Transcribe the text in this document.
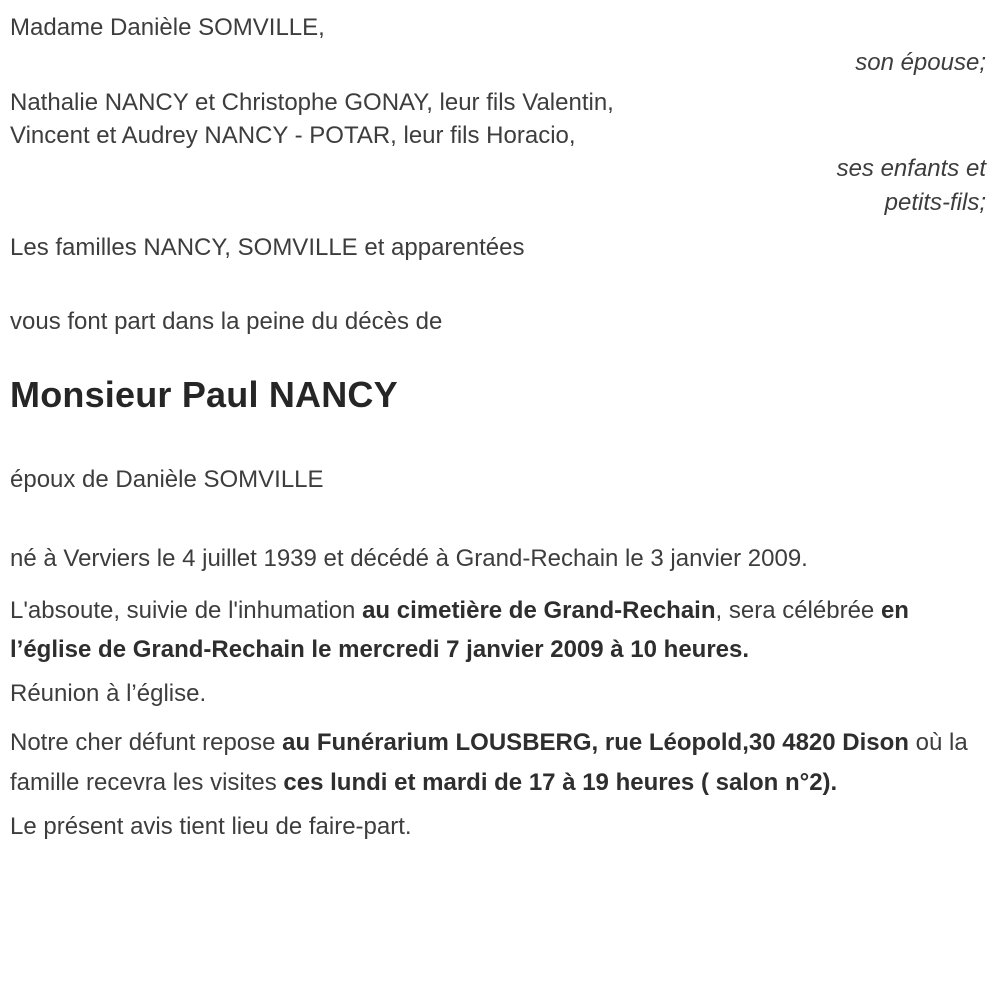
Madame Danièle SOMVILLE,

son épouse;

Nathalie NANCY et Christophe GONAY, leur fils Valentin,

Vincent et Audrey NANCY - POTAR, leur fils Horacio,

ses enfants et

petits-fils;

Les familles NANCY, SOMVILLE et apparentées

vous font part dans la peine du décès de

Monsieur Paul NANCY

époux de Danièle SOMVILLE

né à Verviers le 4 juillet 1939 et décédé à Grand-Rechain le 3 janvier 2009.

L'absoute, suivie de l'inhumation au cimetière de Grand-Rechain, sera célébrée en l’église de Grand-Rechain le mercredi 7 janvier 2009 à 10 heures.

Réunion à l’église.

Notre cher défunt repose au Funérarium LOUSBERG, rue Léopold,30 4820 Dison où la famille recevra les visites ces lundi et mardi de 17 à 19 heures ( salon n°2).

Le présent avis tient lieu de faire-part.
